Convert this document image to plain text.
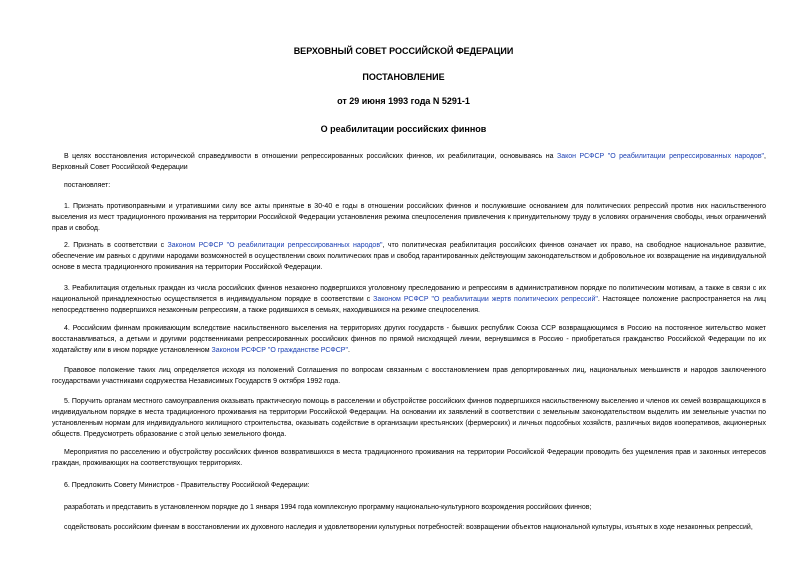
ВЕРХОВНЫЙ СОВЕТ РОССИЙСКОЙ ФЕДЕРАЦИИ
ПОСТАНОВЛЕНИЕ
от 29 июня 1993 года N 5291-1
О реабилитации российских финнов
В целях восстановления исторической справедливости в отношении репрессированных российских финнов, их реабилитации, основываясь на Закон РСФСР "О реабилитации репрессированных народов", Верховный Совет Российской Федерации
постановляет:
1. Признать противоправными и утратившими силу все акты принятые в 30-40 е годы в отношении российских финнов и послужившие основанием для политических репрессий против них насильственного выселения из мест традиционного проживания на территории Российской Федерации установления режима спецпоселения привлечения к принудительному труду в условиях ограничения свободы, иных ограничений прав и свобод.
2. Признать в соответствии с Законом РСФСР "О реабилитации репрессированных народов", что политическая реабилитация российских финнов означает их право, на свободное национальное развитие, обеспечение им равных с другими народами возможностей в осуществлении своих политических прав и свобод гарантированных действующим законодательством и добровольное их возвращение на индивидуальной основе в места традиционного проживания на территории Российской Федерации.
3. Реабилитация отдельных граждан из числа российских финнов незаконно подвергшихся уголовному преследованию и репрессиям в административном порядке по политическим мотивам, а также в связи с их национальной принадлежностью осуществляется в индивидуальном порядке в соответствии с Законом РСФСР "О реабилитации жертв политических репрессий". Настоящее положение распространяется на лиц непосредственно подвергшихся незаконным репрессиям, а также родившихся в семьях, находившихся на режиме спецпоселения.
4. Российским финнам проживающим вследствие насильственного выселения на территориях других государств - бывших республик Союза ССР возвращающимся в Россию на постоянное жительство может восстанавливаться, а детьми и другими родственниками репрессированных российских финнов по прямой нисходящей линии, вернувшимся в Россию - приобретаться гражданство Российской Федерации по их ходатайству или в ином порядке установленном Законом РСФСР "О гражданстве РСФСР".
Правовое положение таких лиц определяется исходя из положений Соглашения по вопросам связанным с восстановлением прав депортированных лиц, национальных меньшинств и народов заключенного государствами участниками содружества Независимых Государств 9 октября 1992 года.
5. Поручить органам местного самоуправления оказывать практическую помощь в расселении и обустройстве российских финнов подвергшихся насильственному выселению и членов их семей возвращающихся в индивидуальном порядке в места традиционного проживания на территории Российской Федерации. На основании их заявлений в соответствии с земельным законодательством выделить им земельные участки по установленным нормам для индивидуального жилищного строительства, оказывать содействие в организации крестьянских (фермерских) и личных подсобных хозяйств, различных видов кооперативов, акционерных обществ. Предусмотреть образование с этой целью земельного фонда.
Мероприятия по расселению и обустройству российских финнов возвратившихся в места традиционного проживания на территории Российской Федерации проводить без ущемления прав и законных интересов граждан, проживающих на соответствующих территориях.
6. Предложить Совету Министров - Правительству Российской Федерации:
разработать и представить в установленном порядке до 1 января 1994 года комплексную программу национально-культурного возрождения российских финнов;
содействовать российским финнам в восстановлении их духовного наследия и удовлетворении культурных потребностей: возвращении объектов национальной культуры, изъятых в ходе незаконных репрессий,
